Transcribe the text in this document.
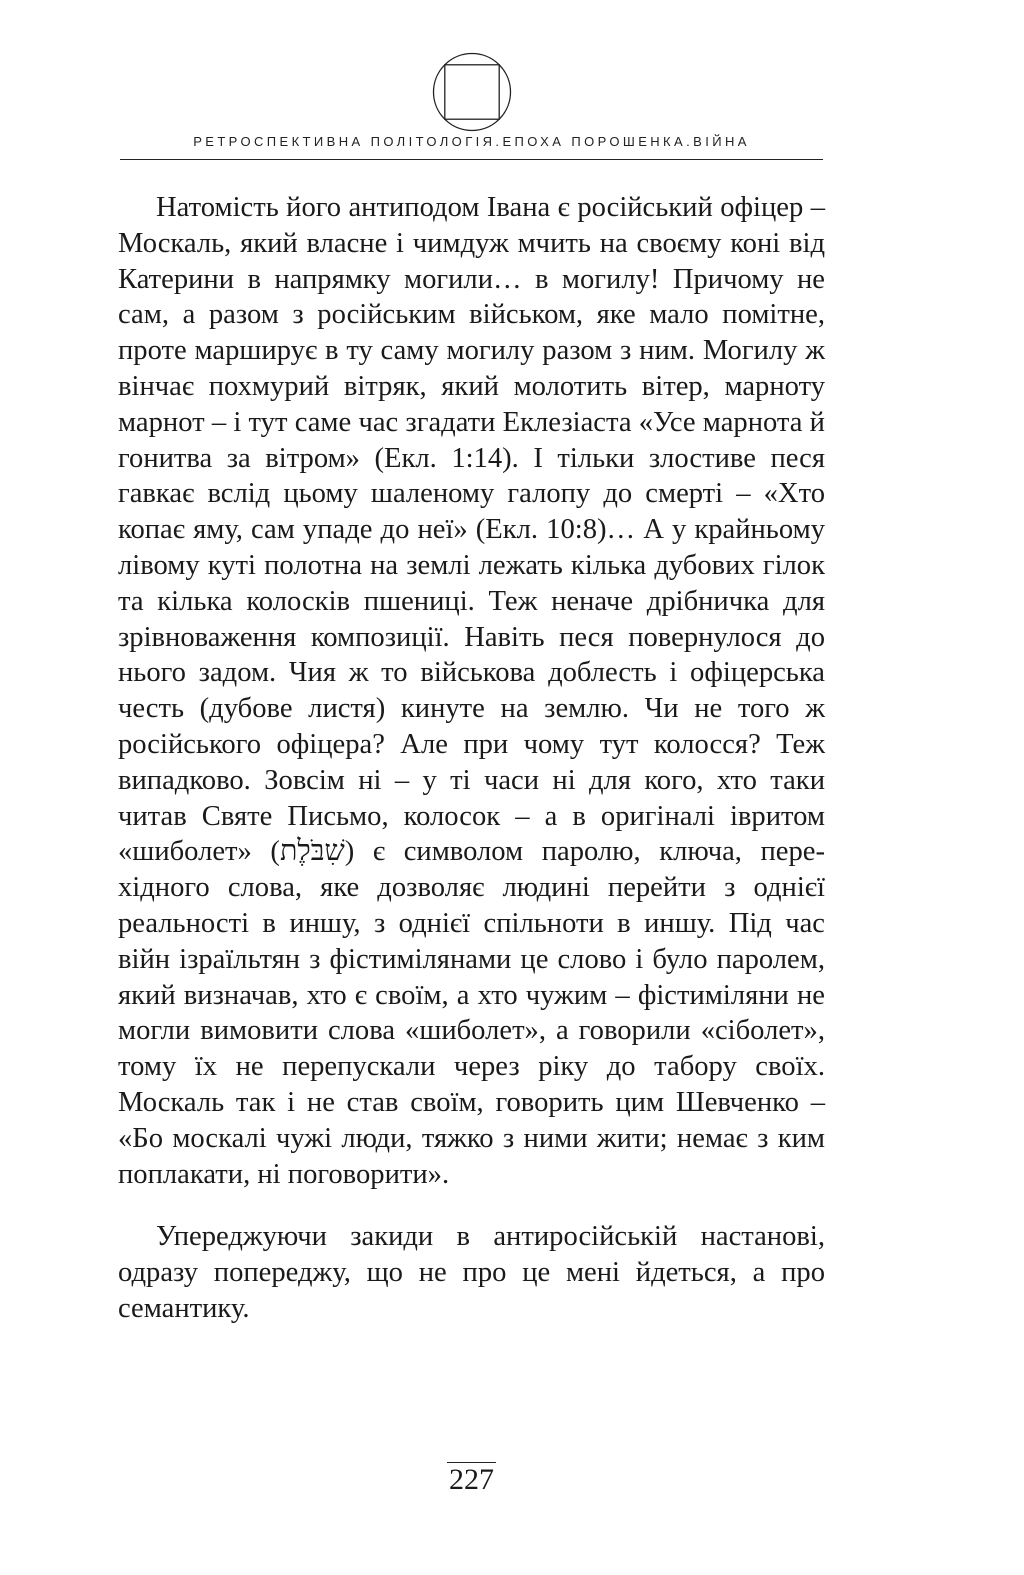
РЕТРОСПЕКТИВНА ПОЛІТОЛОГІЯ.ЕПОХА ПОРОШЕНКА.ВІЙНА

Натомість його антиподом Івана є російський офіцер – Москаль, який власне і чимдуж мчить на своєму коні від Катерини в напрямку могили… в могилу! Причому не сам, а разом з російським військом, яке мало помітне, проте марширує в ту саму могилу разом з ним. Могилу ж вінчає похмурий вітряк, який молотить вітер, марноту марнот – і тут саме час згадати Еклезіаста «Усе марнота й гонитва за вітром» (Екл. 1:14). І тільки злостиве песя гавкає вслід цьому шаленому галопу до смерті – «Хто копає яму, сам упаде до неї» (Екл. 10:8)… А у крайньому лівому куті полотна на землі лежать кілька дубових гілок та кілька колосків пшениці. Теж неначе дрібничка для зрівноваження композиції. Навіть песя повернулося до нього задом. Чия ж то військова доблесть і офіцерська честь (дубове листя) кинуте на землю. Чи не того ж російського офіцера? Але при чому тут колосся? Теж випадково. Зовсім ні – у ті часи ні для кого, хто таки читав Святе Письмо, колосок – а в оригіналі івритом «шиболет» (שִׁבֹּלֶת) є символом паролю, ключа, перехідного слова, яке дозволяє людині перейти з однієї реальності в иншу, з однієї спільноти в иншу. Під час війн ізраїльтян з фістимілянами це слово і було паролем, який визначав, хто є своїм, а хто чужим – фістиміляни не могли вимовити слова «шиболет», а говорили «сіболет», тому їх не перепускали через ріку до табору своїх. Москаль так і не став своїм, говорить цим Шевченко – «Бо москалі чужі люди, тяжко з ними жити; немає з ким поплакати, ні поговорити».

Упереджуючи закиди в антиросійській настанові, одразу попереджу, що не про це мені йдеться, а про семантику.

227
